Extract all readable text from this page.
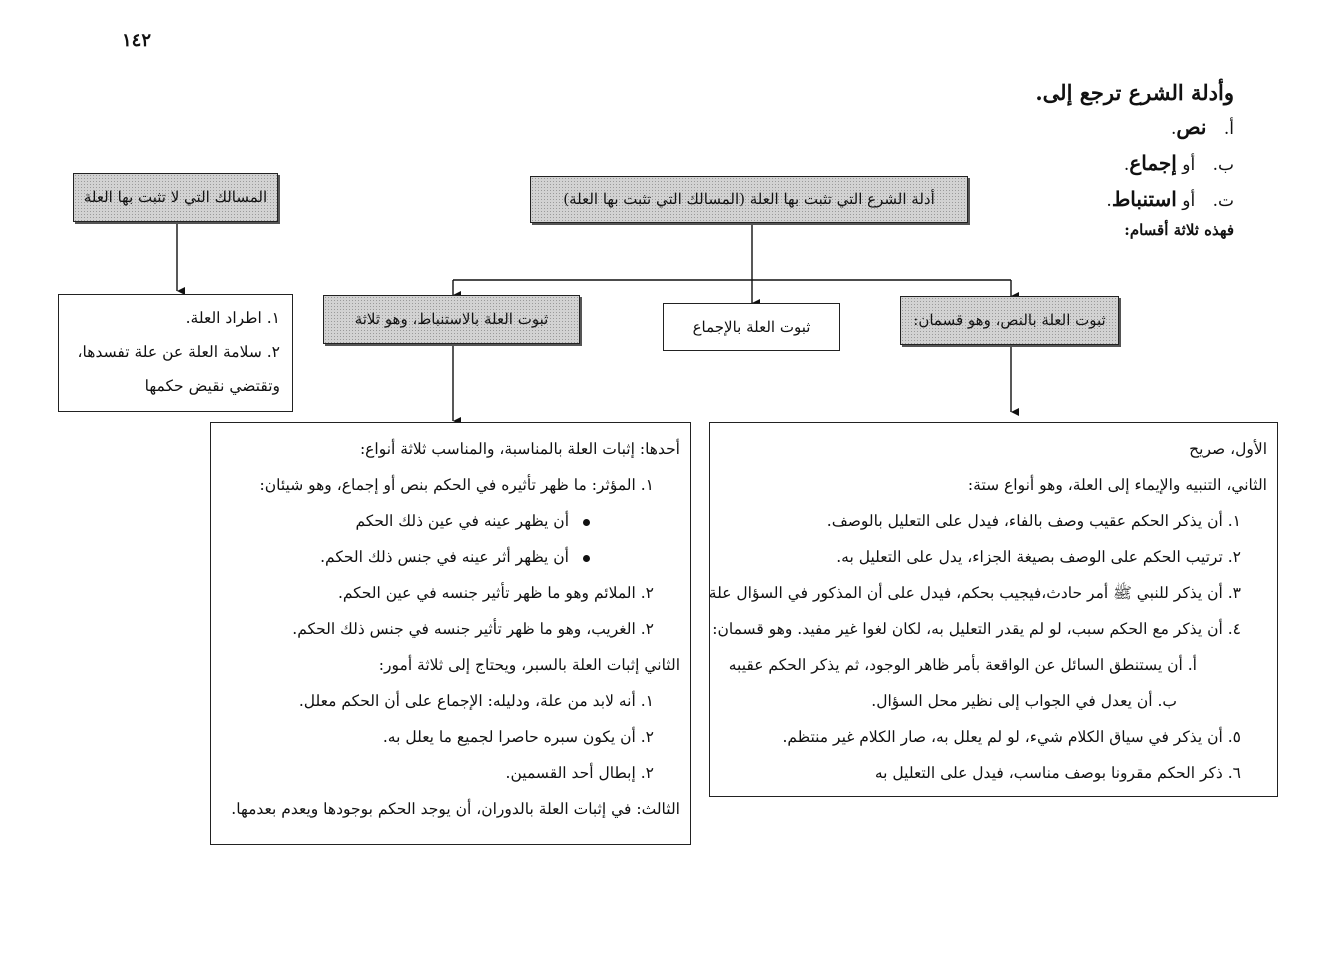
١٤٢
وأدلة الشرع ترجع إلى.
أ. نص.
ب. أو إجماع.
ت. أو استنباط.
فهذه ثلاثة أقسام:
المسالك التي لا تثبت بها العلة	أدلة الشرع التي تثبت بها العلة (المسالك التي تثبت بها العلة)
ثبوت العلة بالاستنباط، وهو ثلاثة	ثبوت العلة بالإجماع	ثبوت العلة بالنص، وهو قسمان:
١. اطراد العلة.
٢. سلامة العلة عن علة تفسدها،
وتقتضي نقيض حكمها
الأول، صريح
الثاني، التنبيه والإيماء إلى العلة، وهو أنواع ستة:
١. أن يذكر الحكم عقيب وصف بالفاء، فيدل على التعليل بالوصف.
٢. ترتيب الحكم على الوصف بصيغة الجزاء، يدل على التعليل به.
٣. أن يذكر للنبي ﷺ أمر حادث،فيجيب بحكم، فيدل على أن المذكور في السؤال علة
٤. أن يذكر مع الحكم سبب، لو لم يقدر التعليل به، لكان لغوا غير مفيد. وهو قسمان:
أ. أن يستنطق السائل عن الواقعة بأمر ظاهر الوجود، ثم يذكر الحكم عقيبه
ب. أن يعدل في الجواب إلى نظير محل السؤال.
٥. أن يذكر في سياق الكلام شيء، لو لم يعلل به، صار الكلام غير منتظم.
٦. ذكر الحكم مقرونا بوصف مناسب، فيدل على التعليل به
أحدها: إثبات العلة بالمناسبة، والمناسب ثلاثة أنواع:
١. المؤثر: ما ظهر تأثيره في الحكم بنص أو إجماع، وهو شيئان:
أن يظهر عينه في عين ذلك الحكم
أن يظهر أثر عينه في جنس ذلك الحكم.
٢. الملائم وهو ما ظهر تأثير جنسه في عين الحكم.
٢. الغريب، وهو ما ظهر تأثير جنسه في جنس ذلك الحكم.
الثاني إثبات العلة بالسبر، ويحتاج إلى ثلاثة أمور:
١. أنه لابد من علة، ودليله: الإجماع على أن الحكم معلل.
٢. أن يكون سبره حاصرا لجميع ما يعلل به.
٢. إبطال أحد القسمين.
الثالث: في إثبات العلة بالدوران، أن يوجد الحكم بوجودها ويعدم بعدمها.
